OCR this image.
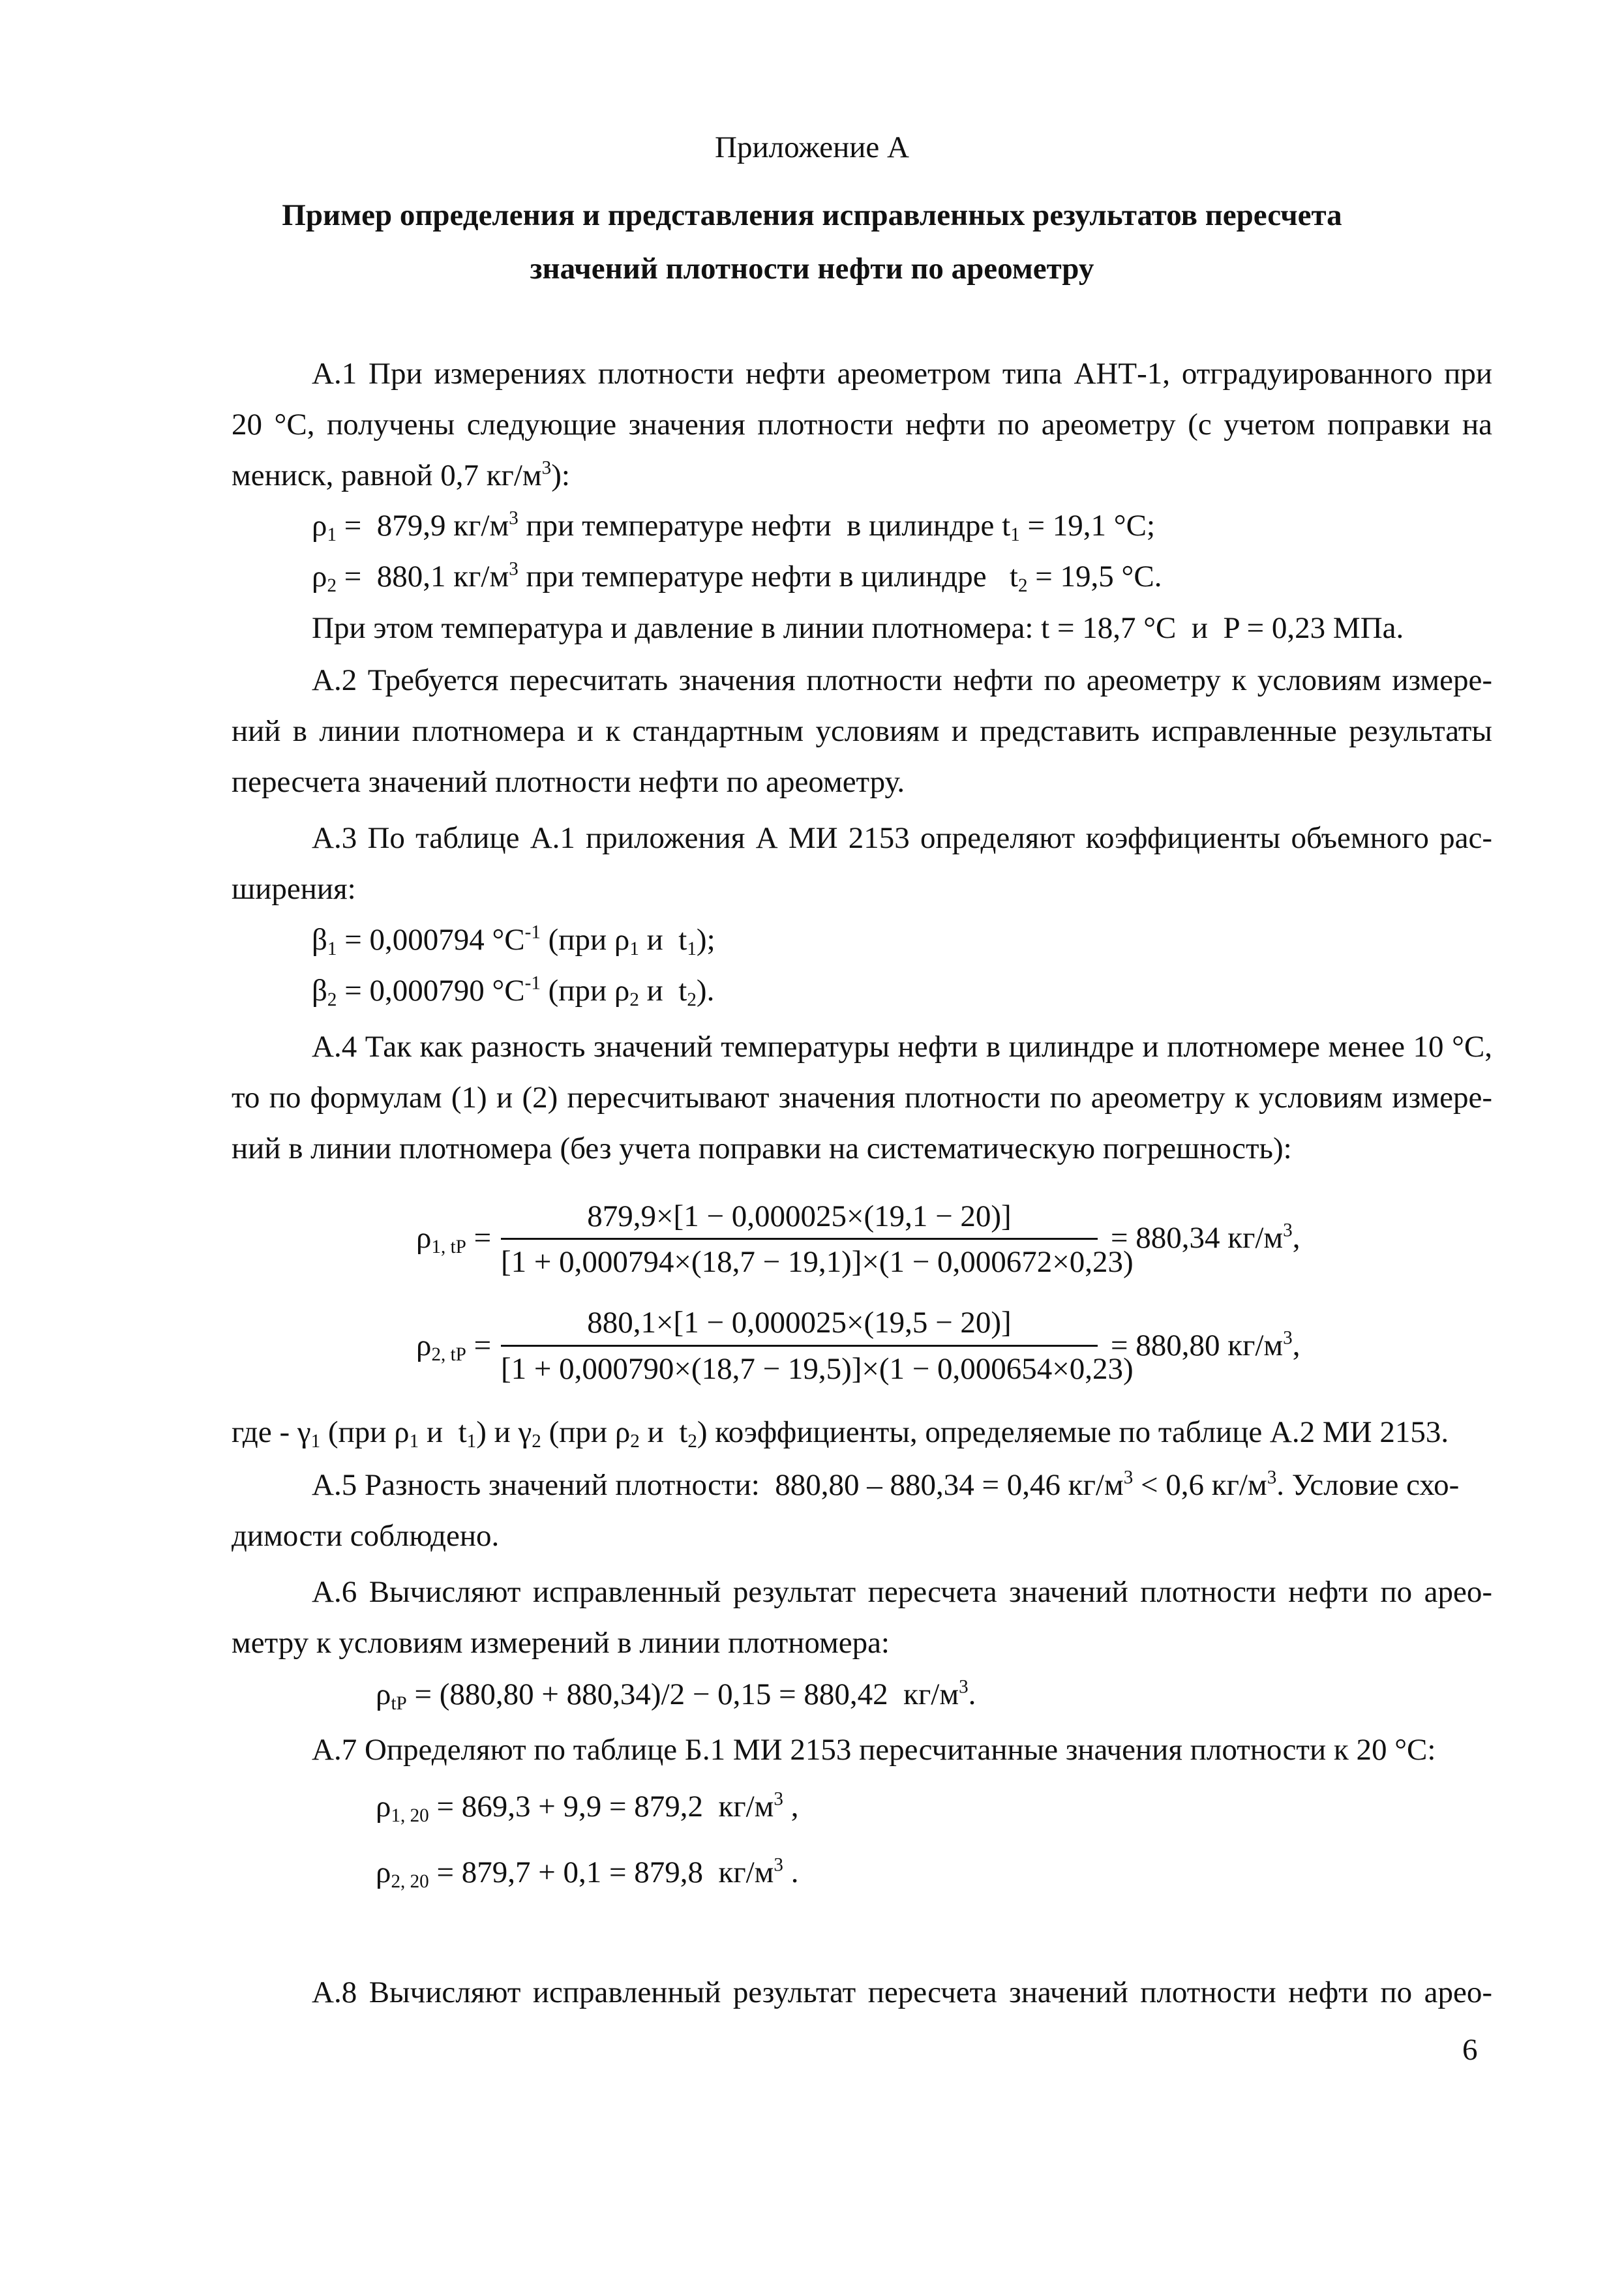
Приложение А
Пример определения и представления исправленных результатов пересчета
значений плотности нефти по ареометру
А.1 При измерениях плотности нефти ареометром типа АНТ-1, отградуированного при
20 °С, получены следующие значения плотности нефти по ареометру (с учетом поправки на
мениск, равной 0,7 $кг/м^3$):
$\rho_1 = 879,9$ $кг/м^3$ при температуре нефти  в цилиндре $t_1 = 19,1$ °С;
$\rho_2 = 880,1$ $кг/м^3$ при температуре нефти в цилиндре   $t_2 = 19,5$ °С.
При этом температура и давление в линии плотномера: t = 18,7 °С  и  P = 0,23 МПа.
А.2 Требуется пересчитать значения плотности нефти по ареометру к условиям измере-
ний в линии плотномера и к стандартным условиям и представить исправленные результаты
пересчета значений плотности нефти по ареометру.
А.3 По таблице А.1 приложения А МИ 2153 определяют коэффициенты объемного рас-
ширения:
$\beta_1 = 0,000794$ $^\circ С^{-1}$ (при $\rho_1$ и  $t_1$);
$\beta_2 = 0,000790$ $^\circ С^{-1}$ (при $\rho_2$ и  $t_2$).
А.4 Так как разность значений температуры нефти в цилиндре и плотномере менее 10 °С,
то по формулам (1) и (2) пересчитывают значения плотности по ареометру к условиям измере-
ний в линии плотномера (без учета поправки на систематическую погрешность):
$\rho_{1, tP}$ =
879,9×[1 − 0,000025×(19,1 − 20)]
[1 + 0,000794×(18,7 − 19,1)]×(1 − 0,000672×0,23)
= 880,34 $кг/м^3$,
$\rho_{2, tP}$ =
880,1×[1 − 0,000025×(19,5 − 20)]
[1 + 0,000790×(18,7 − 19,5)]×(1 − 0,000654×0,23)
= 880,80 $кг/м^3$,
где - $\gamma_1$ (при $\rho_1$ и  $t_1$) и $\gamma_2$ (при $\rho_2$ и  $t_2$) коэффициенты, определяемые по таблице А.2 МИ 2153.
А.5 Разность значений плотности:  880,80 – 880,34 = 0,46 $кг/м^3 < 0,6$ $кг/м^3$. Условие схо-
димости соблюдено.
А.6 Вычисляют исправленный результат пересчета значений плотности нефти по арео-
метру к условиям измерений в линии плотномера:
$\rho_{tP} = (880,80 + 880,34)/2 - 0,15 = 880,42$  $кг/м^3$.
А.7 Определяют по таблице Б.1 МИ 2153 пересчитанные значения плотности к 20 °С:
$\rho_{1, 20} = 869,3 + 9,9 = 879,2$  $кг/м^3$ ,
$\rho_{2, 20} = 879,7 + 0,1 = 879,8$  $кг/м^3$ .
А.8 Вычисляют исправленный результат пересчета значений плотности нефти по арео-
6
